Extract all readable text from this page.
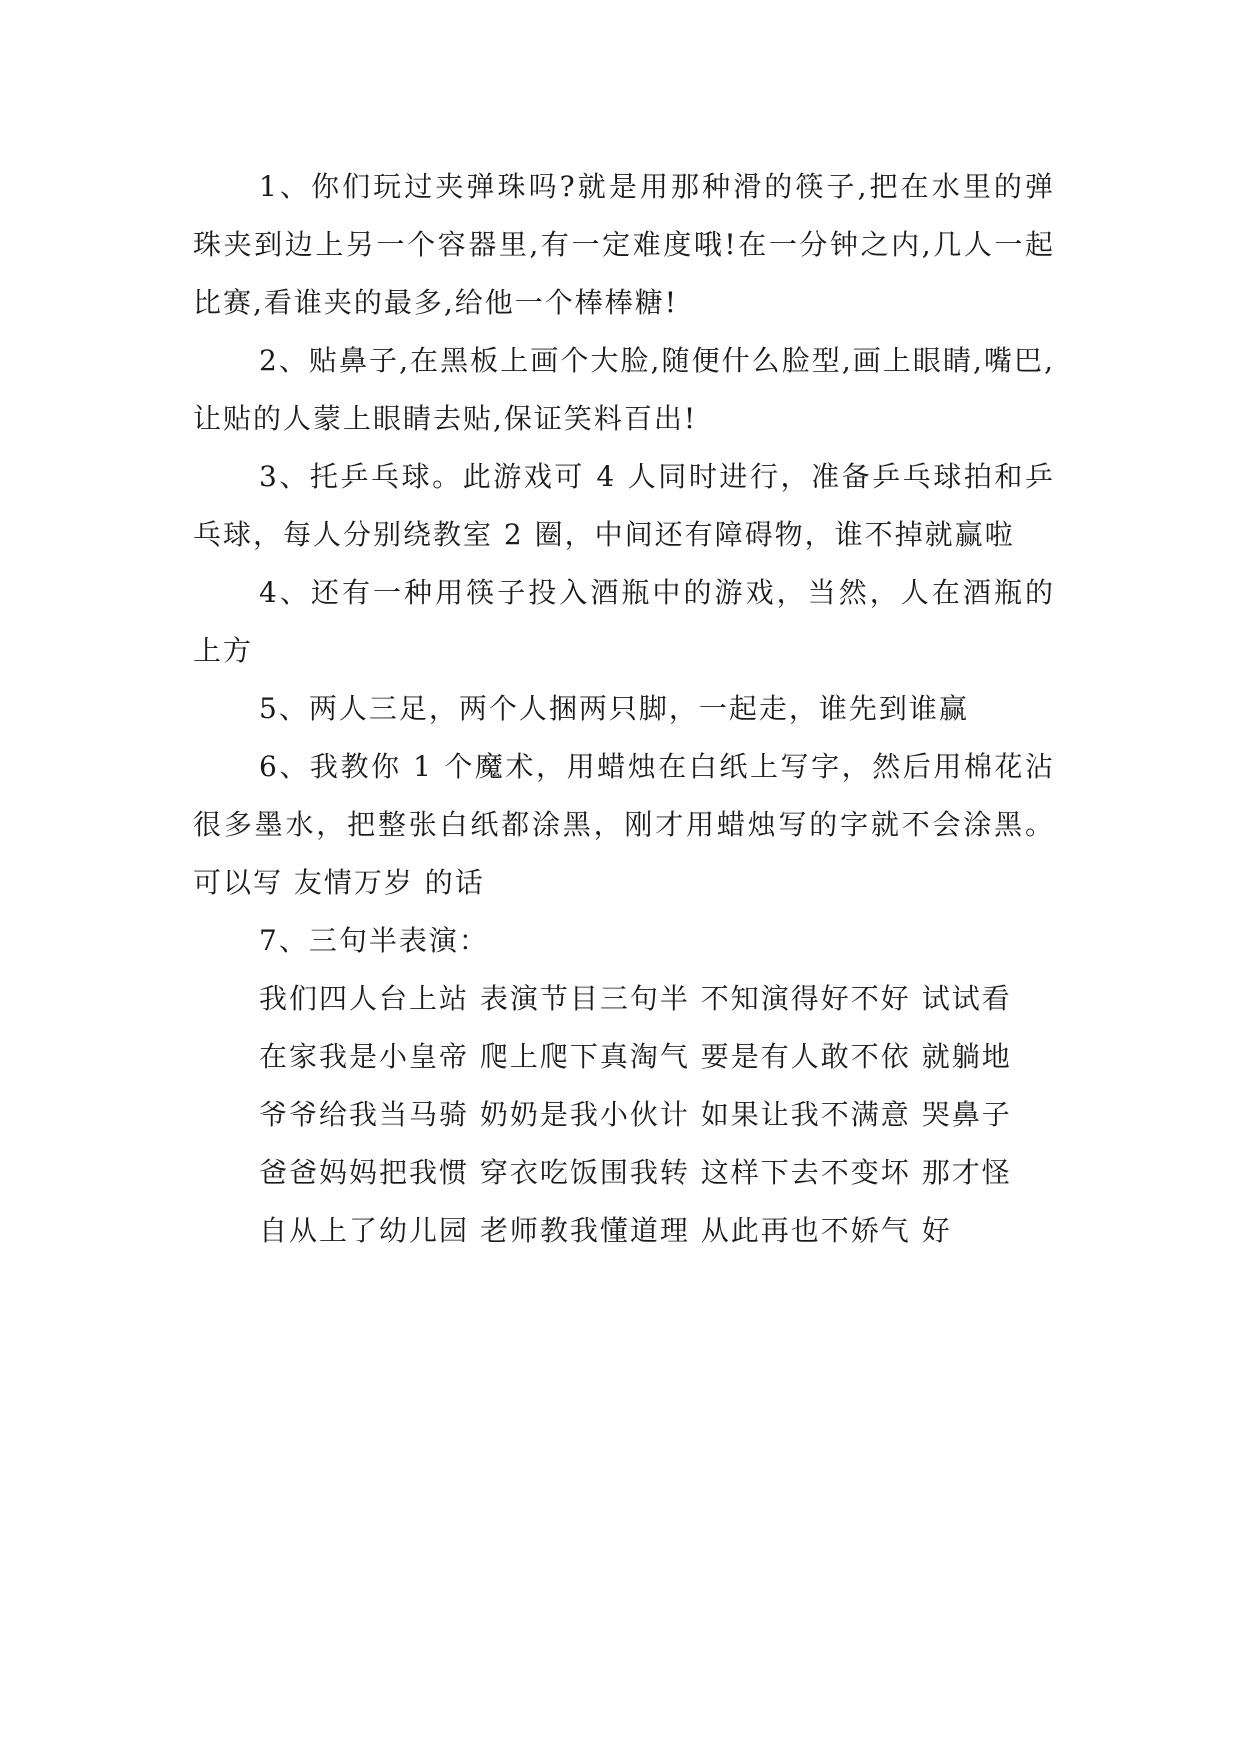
1、你们玩过夹弹珠吗?就是用那种滑的筷子,把在水里的弹珠夹到边上另一个容器里,有一定难度哦!在一分钟之内,几人一起比赛,看谁夹的最多,给他一个棒棒糖!

2、贴鼻子,在黑板上画个大脸,随便什么脸型,画上眼睛,嘴巴,让贴的人蒙上眼睛去贴,保证笑料百出!

3、托乒乓球。此游戏可 4 人同时进行，准备乒乓球拍和乒乓球，每人分别绕教室 2 圈，中间还有障碍物，谁不掉就赢啦

4、还有一种用筷子投入酒瓶中的游戏，当然，人在酒瓶的上方

5、两人三足，两个人捆两只脚，一起走，谁先到谁赢

6、我教你 1 个魔术，用蜡烛在白纸上写字，然后用棉花沾很多墨水，把整张白纸都涂黑，刚才用蜡烛写的字就不会涂黑。可以写 友情万岁 的话

7、三句半表演：

我们四人台上站 表演节目三句半 不知演得好不好 试试看

在家我是小皇帝 爬上爬下真淘气 要是有人敢不依 就躺地

爷爷给我当马骑 奶奶是我小伙计 如果让我不满意 哭鼻子

爸爸妈妈把我惯 穿衣吃饭围我转 这样下去不变坏 那才怪

自从上了幼儿园 老师教我懂道理 从此再也不娇气 好
